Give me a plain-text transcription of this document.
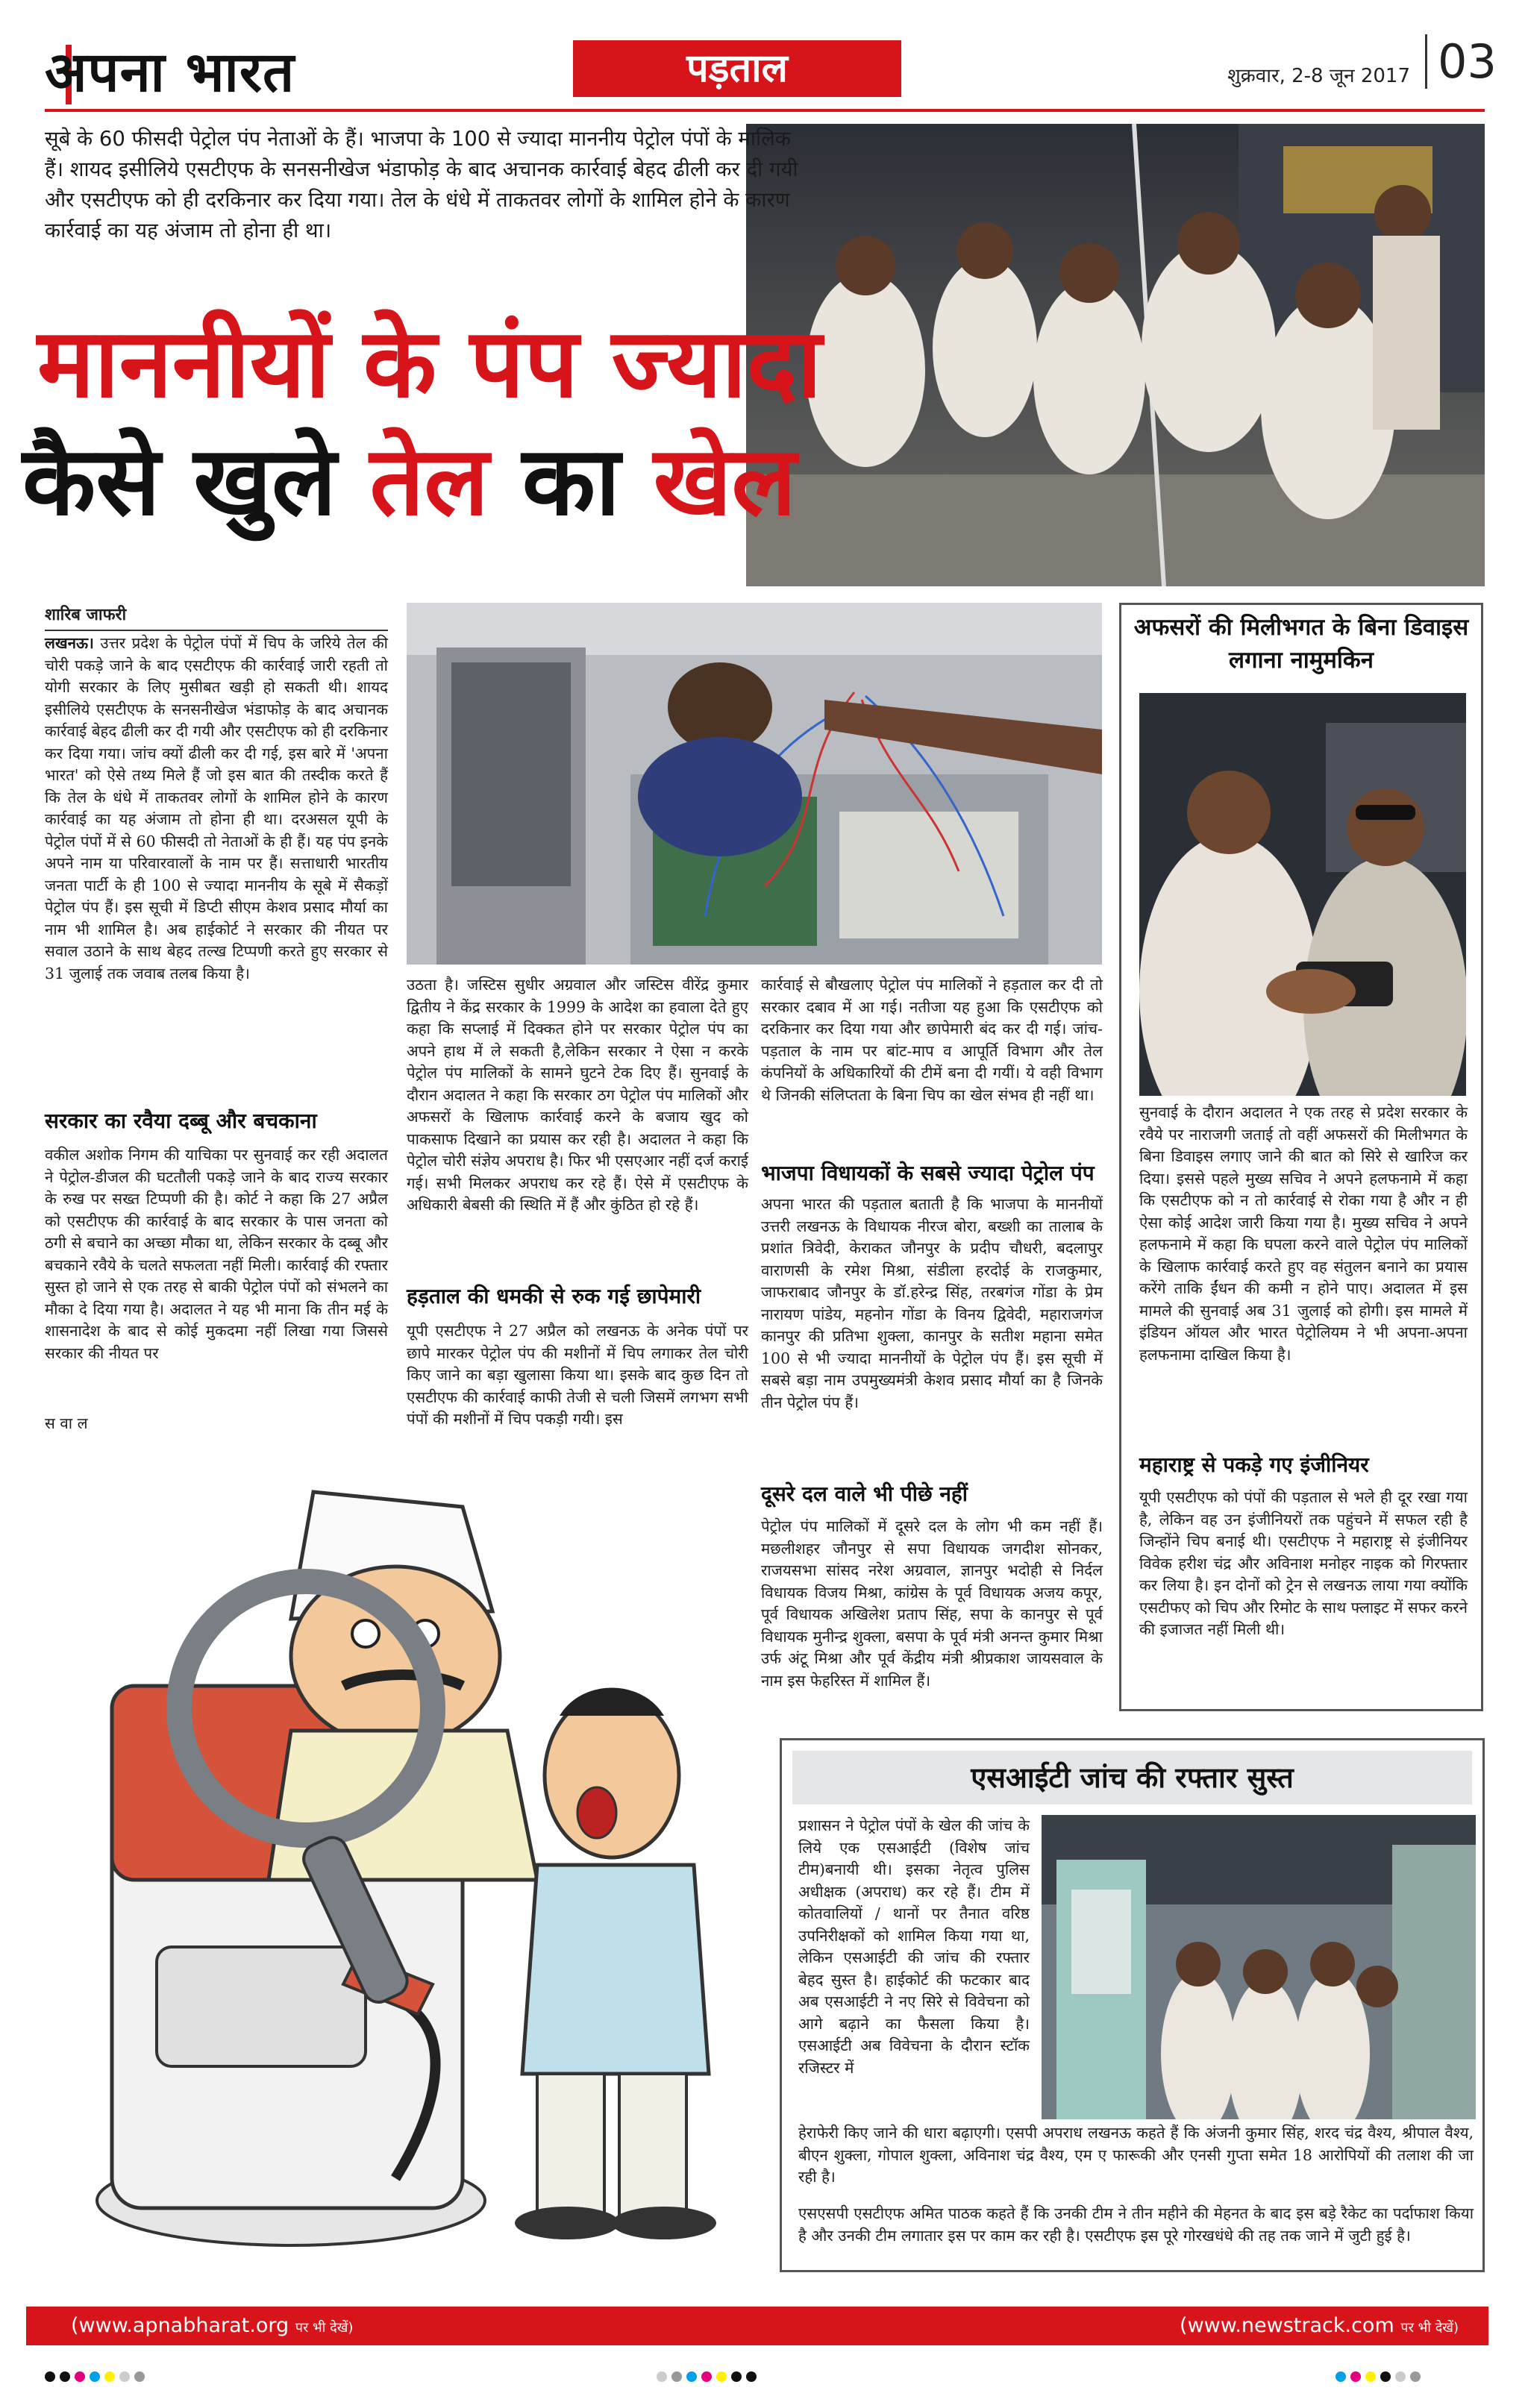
अपना भारत	पड़ताल	शुक्रवार, 2-8 जून 2017 03
सूबे के 60 फीसदी पेट्रोल पंप नेताओं के हैं। भाजपा के 100 से ज्यादा माननीय पेट्रोल पंपों के मालिक हैं। शायद इसीलिये एसटीएफ के सनसनीखेज भंडाफोड़ के बाद अचानक कार्रवाई बेहद ढीली कर दी गयी और एसटीएफ को ही दरकिनार कर दिया गया। तेल के धंधे में ताकतवर लोगों के शामिल होने के कारण कार्रवाई का यह अंजाम तो होना ही था।
माननीयों के पंप ज्यादा
कैसे खुले तेल का खेल
शारिब जाफरी
लखनऊ। उत्तर प्रदेश के पेट्रोल पंपों में चिप के जरिये तेल की चोरी पकड़े जाने के बाद एसटीएफ की कार्रवाई जारी रहती तो योगी सरकार के लिए मुसीबत खड़ी हो सकती थी। शायद इसीलिये एसटीएफ के सनसनीखेज भंडाफोड़ के बाद अचानक कार्रवाई बेहद ढीली कर दी गयी और एसटीएफ को ही दरकिनार कर दिया गया। जांच क्यों ढीली कर दी गई, इस बारे में 'अपना भारत' को ऐसे तथ्य मिले हैं जो इस बात की तस्दीक करते हैं कि तेल के धंधे में ताकतवर लोगों के शामिल होने के कारण कार्रवाई का यह अंजाम तो होना ही था। दरअसल यूपी के पेट्रोल पंपों में से 60 फीसदी तो नेताओं के ही हैं। यह पंप इनके अपने नाम या परिवारवालों के नाम पर हैं। सत्ताधारी भारतीय जनता पार्टी के ही 100 से ज्यादा माननीय के सूबे में सैकड़ों पेट्रोल पंप हैं। इस सूची में डिप्टी सीएम केशव प्रसाद मौर्या का नाम भी शामिल है। अब हाईकोर्ट ने सरकार की नीयत पर सवाल उठाने के साथ बेहद तल्ख टिप्पणी करते हुए सरकार से 31 जुलाई तक जवाब तलब किया है।
सरकार का रवैया दब्बू और बचकाना
वकील अशोक निगम की याचिका पर सुनवाई कर रही अदालत ने पेट्रोल-डीजल की घटतौली पकड़े जाने के बाद राज्य सरकार के रुख पर सख्त टिप्पणी की है। कोर्ट ने कहा कि 27 अप्रैल को एसटीएफ की कार्रवाई के बाद सरकार के पास जनता को ठगी से बचाने का अच्छा मौका था, लेकिन सरकार के दब्बू और बचकाने रवैये के चलते सफलता नहीं मिली। कार्रवाई की रफ्तार सुस्त हो जाने से एक तरह से बाकी पेट्रोल पंपों को संभलने का मौका दे दिया गया है। अदालत ने यह भी माना कि तीन मई के शासनादेश के बाद से कोई मुकदमा नहीं लिखा गया जिससे सरकार की नीयत पर
स वा ल
उठता है। जस्टिस सुधीर अग्रवाल और जस्टिस वीरेंद्र कुमार द्वितीय ने केंद्र सरकार के 1999 के आदेश का हवाला देते हुए कहा कि सप्लाई में दिक्कत होने पर सरकार पेट्रोल पंप का अपने हाथ में ले सकती है,लेकिन सरकार ने ऐसा न करके पेट्रोल पंप मालिकों के सामने घुटने टेक दिए हैं। सुनवाई के दौरान अदालत ने कहा कि सरकार ठग पेट्रोल पंप मालिकों और अफसरों के खिलाफ कार्रवाई करने के बजाय खुद को पाकसाफ दिखाने का प्रयास कर रही है। अदालत ने कहा कि पेट्रोल चोरी संज्ञेय अपराध है। फिर भी एसएआर नहीं दर्ज कराई गई। सभी मिलकर अपराध कर रहे हैं। ऐसे में एसटीएफ के अधिकारी बेबसी की स्थिति में हैं और कुंठित हो रहे हैं।
हड़ताल की धमकी से रुक गई छापेमारी
यूपी एसटीएफ ने 27 अप्रैल को लखनऊ के अनेक पंपों पर छापे मारकर पेट्रोल पंप की मशीनों में चिप लगाकर तेल चोरी किए जाने का बड़ा खुलासा किया था। इसके बाद कुछ दिन तो एसटीएफ की कार्रवाई काफी तेजी से चली जिसमें लगभग सभी पंपों की मशीनों में चिप पकड़ी गयी। इस
कार्रवाई से बौखलाए पेट्रोल पंप मालिकों ने हड़ताल कर दी तो सरकार दबाव में आ गई। नतीजा यह हुआ कि एसटीएफ को दरकिनार कर दिया गया और छापेमारी बंद कर दी गई। जांच-पड़ताल के नाम पर बांट-माप व आपूर्ति विभाग और तेल कंपनियों के अधिकारियों की टीमें बना दी गयीं। ये वही विभाग थे जिनकी संलिप्तता के बिना चिप का खेल संभव ही नहीं था।
भाजपा विधायकों के सबसे ज्यादा पेट्रोल पंप
अपना भारत की पड़ताल बताती है कि भाजपा के माननीयों उत्तरी लखनऊ के विधायक नीरज बोरा, बख्शी का तालाब के प्रशांत त्रिवेदी, केराकत जौनपुर के प्रदीप चौधरी, बदलापुर वाराणसी के रमेश मिश्रा, संडीला हरदोई के राजकुमार, जाफराबाद जौनपुर के डॉ.हरेन्द्र सिंह, तरबगंज गोंडा के प्रेम नारायण पांडेय, महनोन गोंडा के विनय द्विवेदी, महाराजगंज कानपुर की प्रतिभा शुक्ला, कानपुर के सतीश महाना समेत 100 से भी ज्यादा माननीयों के पेट्रोल पंप हैं। इस सूची में सबसे बड़ा नाम उपमुख्यमंत्री केशव प्रसाद मौर्या का है जिनके तीन पेट्रोल पंप हैं।
दूसरे दल वाले भी पीछे नहीं
पेट्रोल पंप मालिकों में दूसरे दल के लोग भी कम नहीं हैं। मछलीशहर जौनपुर से सपा विधायक जगदीश सोनकर, राजयसभा सांसद नरेश अग्रवाल, ज्ञानपुर भदोही से निर्दल विधायक विजय मिश्रा, कांग्रेस के पूर्व विधायक अजय कपूर, पूर्व विधायक अखिलेश प्रताप सिंह, सपा के कानपुर से पूर्व विधायक मुनीन्द्र शुक्ला, बसपा के पूर्व मंत्री अनन्त कुमार मिश्रा उर्फ अंटू मिश्रा और पूर्व केंद्रीय मंत्री श्रीप्रकाश जायसवाल के नाम इस फेहरिस्त में शामिल हैं।
अफसरों की मिलीभगत के बिना डिवाइस लगाना नामुमकिन
सुनवाई के दौरान अदालत ने एक तरह से प्रदेश सरकार के रवैये पर नाराजगी जताई तो वहीं अफसरों की मिलीभगत के बिना डिवाइस लगाए जाने की बात को सिरे से खारिज कर दिया। इससे पहले मुख्य सचिव ने अपने हलफनामे में कहा कि एसटीएफ को न तो कार्रवाई से रोका गया है और न ही ऐसा कोई आदेश जारी किया गया है। मुख्य सचिव ने अपने हलफनामे में कहा कि घपला करने वाले पेट्रोल पंप मालिकों के खिलाफ कार्रवाई करते हुए वह संतुलन बनाने का प्रयास करेंगे ताकि ईंधन की कमी न होने पाए। अदालत में इस मामले की सुनवाई अब 31 जुलाई को होगी। इस मामले में इंडियन ऑयल और भारत पेट्रोलियम ने भी अपना-अपना हलफनामा दाखिल किया है।
महाराष्ट्र से पकड़े गए इंजीनियर
यूपी एसटीएफ को पंपों की पड़ताल से भले ही दूर रखा गया है, लेकिन वह उन इंजीनियरों तक पहुंचने में सफल रही है जिन्होंने चिप बनाई थी। एसटीएफ ने महाराष्ट्र से इंजीनियर विवेक हरीश चंद्र और अविनाश मनोहर नाइक को गिरफ्तार कर लिया है। इन दोनों को ट्रेन से लखनऊ लाया गया क्योंकि एसटीफए को चिप और रिमोट के साथ फ्लाइट में सफर करने की इजाजत नहीं मिली थी।
एसआईटी जांच की रफ्तार सुस्त
प्रशासन ने पेट्रोल पंपों के खेल की जांच के लिये एक एसआईटी (विशेष जांच टीम)बनायी थी। इसका नेतृत्व पुलिस अधीक्षक (अपराध) कर रहे हैं। टीम में कोतवालियों / थानों पर तैनात वरिष्ठ उपनिरीक्षकों को शामिल किया गया था, लेकिन एसआईटी की जांच की रफ्तार बेहद सुस्त है। हाईकोर्ट की फटकार बाद अब एसआईटी ने नए सिरे से विवेचना को आगे बढ़ाने का फैसला किया है। एसआईटी अब विवेचना के दौरान स्टॉक रजिस्टर में
हेराफेरी किए जाने की धारा बढ़ाएगी। एसपी अपराध लखनऊ कहते हैं कि अंजनी कुमार सिंह, शरद चंद्र वैश्य, श्रीपाल वैश्य, बीएन शुक्ला, गोपाल शुक्ला, अविनाश चंद्र वैश्य, एम ए फारूकी और एनसी गुप्ता समेत 18 आरोपियों की तलाश की जा रही है।
एसएसपी एसटीएफ अमित पाठक कहते हैं कि उनकी टीम ने तीन महीने की मेहनत के बाद इस बड़े रैकेट का पर्दाफाश किया है और उनकी टीम लगातार इस पर काम कर रही है। एसटीएफ इस पूरे गोरखधंधे की तह तक जाने में जुटी हुई है।
(www.apnabharat.org पर भी देखें)	(www.newstrack.com पर भी देखें)
